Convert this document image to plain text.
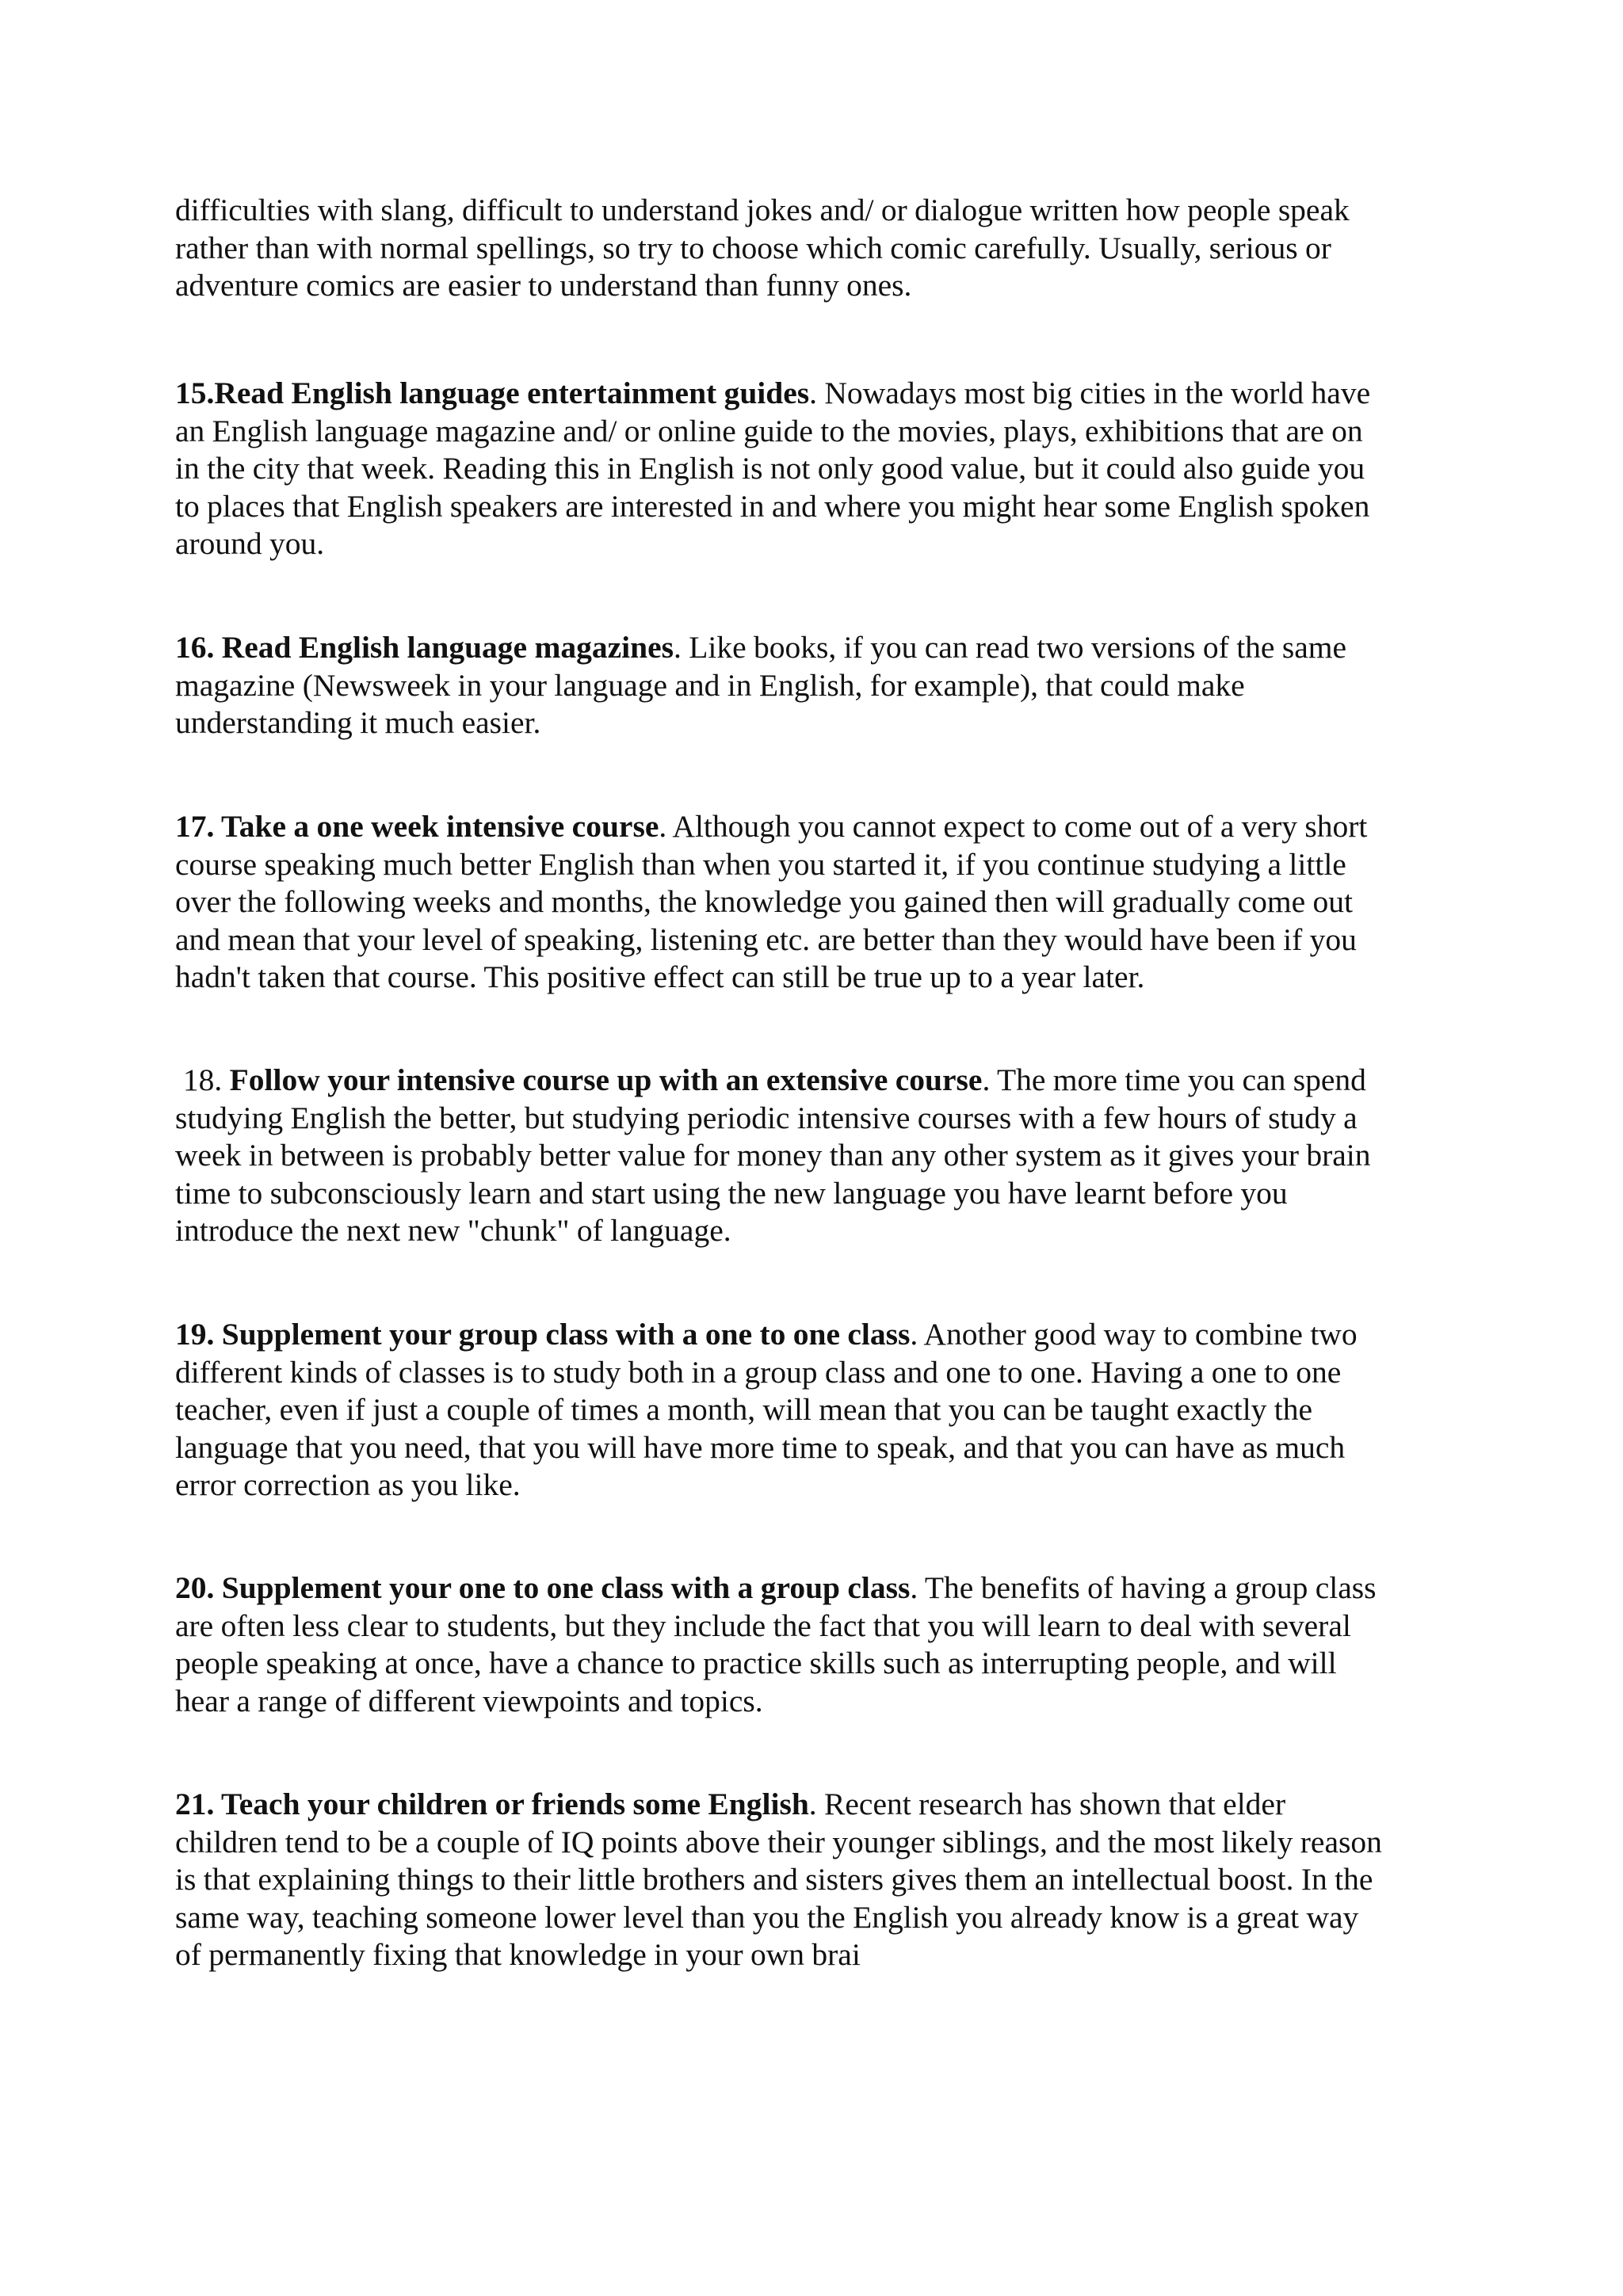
difficulties with slang, difficult to understand jokes and/ or dialogue written how people speak
rather than with normal spellings, so try to choose which comic carefully. Usually, serious or
adventure comics are easier to understand than funny ones.

15.Read English language entertainment guides. Nowadays most big cities in the world have
an English language magazine and/ or online guide to the movies, plays, exhibitions that are on
in the city that week. Reading this in English is not only good value, but it could also guide you
to places that English speakers are interested in and where you might hear some English spoken
around you.

16. Read English language magazines. Like books, if you can read two versions of the same
magazine (Newsweek in your language and in English, for example), that could make
understanding it much easier.

17. Take a one week intensive course. Although you cannot expect to come out of a very short
course speaking much better English than when you started it, if you continue studying a little
over the following weeks and months, the knowledge you gained then will gradually come out
and mean that your level of speaking, listening etc. are better than they would have been if you
hadn't taken that course. This positive effect can still be true up to a year later.

18. Follow your intensive course up with an extensive course. The more time you can spend
studying English the better, but studying periodic intensive courses with a few hours of study a
week in between is probably better value for money than any other system as it gives your brain
time to subconsciously learn and start using the new language you have learnt before you
introduce the next new "chunk" of language.

19. Supplement your group class with a one to one class. Another good way to combine two
different kinds of classes is to study both in a group class and one to one. Having a one to one
teacher, even if just a couple of times a month, will mean that you can be taught exactly the
language that you need, that you will have more time to speak, and that you can have as much
error correction as you like.

20. Supplement your one to one class with a group class. The benefits of having a group class
are often less clear to students, but they include the fact that you will learn to deal with several
people speaking at once, have a chance to practice skills such as interrupting people, and will
hear a range of different viewpoints and topics.

21. Teach your children or friends some English. Recent research has shown that elder
children tend to be a couple of IQ points above their younger siblings, and the most likely reason
is that explaining things to their little brothers and sisters gives them an intellectual boost. In the
same way, teaching someone lower level than you the English you already know is a great way
of permanently fixing that knowledge in your own brai
